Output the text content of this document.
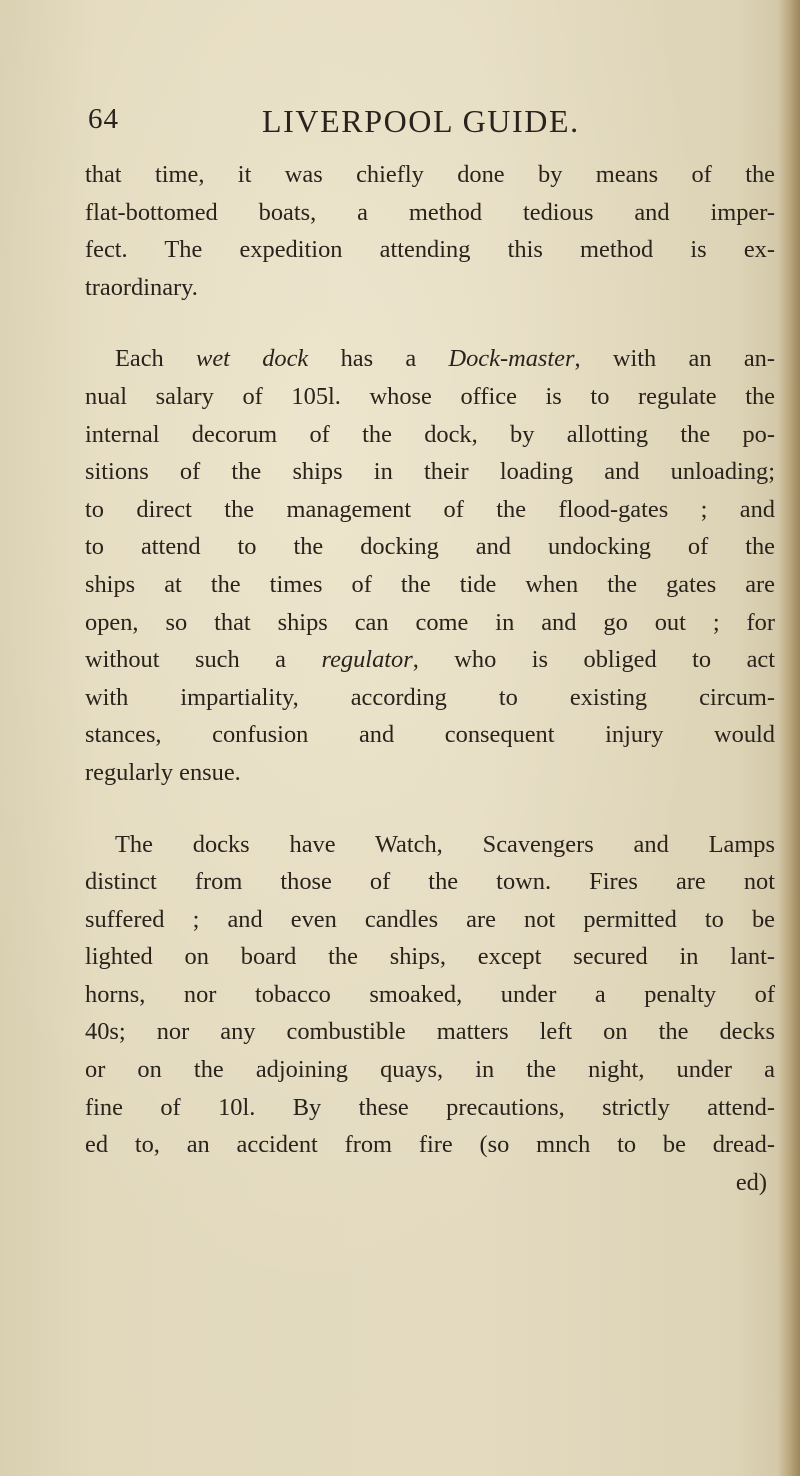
64	LIVERPOOL GUIDE.
that time, it was chiefly done by means of the
flat-bottomed boats, a method tedious and imper-
fect. The expedition attending this method is ex-
traordinary.
Each wet dock has a Dock-master, with an an-
nual salary of 105l. whose office is to regulate the
internal decorum of the dock, by allotting the po-
sitions of the ships in their loading and unloading;
to direct the management of the flood-gates ; and
to attend to the docking and undocking of the
ships at the times of the tide when the gates are
open, so that ships can come in and go out ; for
without such a regulator, who is obliged to act
with impartiality, according to existing circum-
stances, confusion and consequent injury would
regularly ensue.
The docks have Watch, Scavengers and Lamps
distinct from those of the town. Fires are not
suffered ; and even candles are not permitted to be
lighted on board the ships, except secured in lant-
horns, nor tobacco smoaked, under a penalty of
40s; nor any combustible matters left on the decks
or on the adjoining quays, in the night, under a
fine of 10l. By these precautions, strictly attend-
ed to, an accident from fire (so mnch to be dread-
ed)
